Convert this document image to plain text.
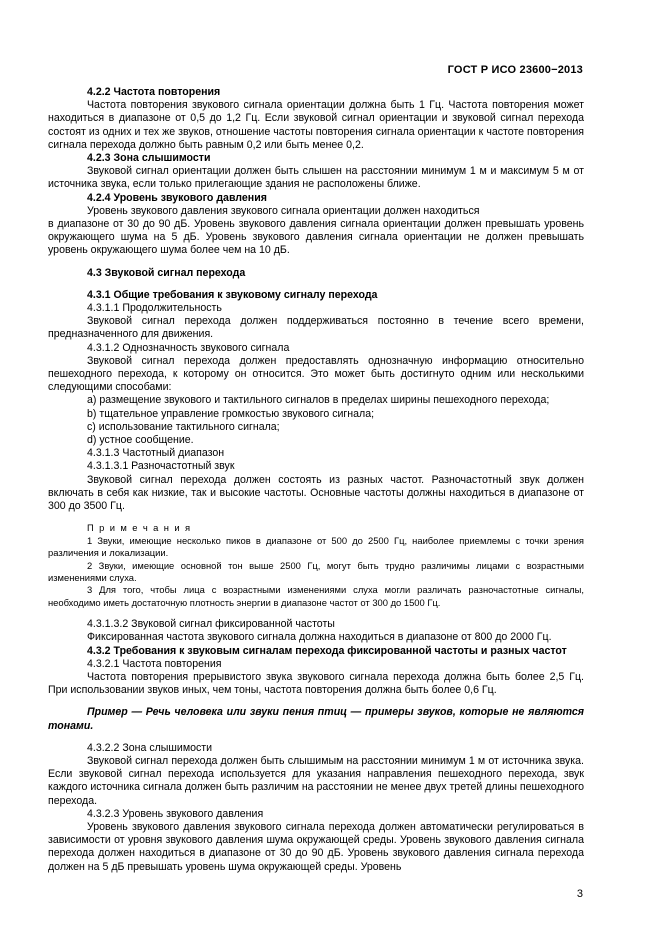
ГОСТ Р ИСО 23600−2013

4.2.2 Частота повторения

Частота повторения звукового сигнала ориентации должна быть 1 Гц. Частота повторения может находиться в диапазоне от 0,5 до 1,2 Гц. Если звуковой сигнал ориентации и звуковой сигнал перехода состоят из одних и тех же звуков, отношение частоты повторения сигнала ориентации к частоте повторения сигнала перехода должно быть равным 0,2 или быть менее 0,2.

4.2.3 Зона слышимости

Звуковой сигнал ориентации должен быть слышен на расстоянии минимум 1 м и максимум 5 м от источника звука, если только прилегающие здания не расположены ближе.

4.2.4 Уровень звукового давления

Уровень звукового давления звукового сигнала ориентации должен находиться

в диапазоне от 30 до 90 дБ. Уровень звукового давления сигнала ориентации должен превышать уровень окружающего шума на 5 дБ. Уровень звукового давления сигнала ориентации не должен превышать уровень окружающего шума более чем на 10 дБ.

4.3 Звуковой сигнал перехода

4.3.1 Общие требования к звуковому сигналу перехода

4.3.1.1 Продолжительность

Звуковой сигнал перехода должен поддерживаться постоянно в течение всего времени, предназначенного для движения.

4.3.1.2 Однозначность звукового сигнала

Звуковой сигнал перехода должен предоставлять однозначную информацию относительно пешеходного перехода, к которому он относится. Это может быть достигнуто одним или несколькими следующими способами:

a) размещение звукового и тактильного сигналов в пределах ширины пешеходного перехода;

b) тщательное управление громкостью звукового сигнала;

c) использование тактильного сигнала;

d) устное сообщение.

4.3.1.3 Частотный диапазон

4.3.1.3.1 Разночастотный звук

Звуковой сигнал перехода должен состоять из разных частот. Разночастотный звук должен включать в себя как низкие, так и высокие частоты. Основные частоты должны находиться в диапазоне от 300 до 3500 Гц.

П р и м е ч а н и я

1 Звуки, имеющие несколько пиков в диапазоне от 500 до 2500 Гц, наиболее приемлемы с точки зрения различения и локализации.

2 Звуки, имеющие основной тон выше 2500 Гц, могут быть трудно различимы лицами с возрастными изменениями слуха.

3 Для того, чтобы лица с возрастными изменениями слуха могли различать разночастотные сигналы, необходимо иметь достаточную плотность энергии в диапазоне частот от 300 до 1500 Гц.

4.3.1.3.2 Звуковой сигнал фиксированной частоты

Фиксированная частота звукового сигнала должна находиться в диапазоне от 800 до 2000 Гц.

4.3.2 Требования к звуковым сигналам перехода фиксированной частоты и разных частот

4.3.2.1 Частота повторения

Частота повторения прерывистого звука звукового сигнала перехода должна быть более 2,5 Гц. При использовании звуков иных, чем тоны, частота повторения должна быть более 0,6 Гц.

Пример — Речь человека или звуки пения птиц — примеры звуков, которые не являются тонами.

4.3.2.2 Зона слышимости

Звуковой сигнал перехода должен быть слышимым на расстоянии минимум 1 м от источника звука. Если звуковой сигнал перехода используется для указания направления пешеходного перехода, звук каждого источника сигнала должен быть различим на расстоянии не менее двух третей длины пешеходного перехода.

4.3.2.3 Уровень звукового давления

Уровень звукового давления звукового сигнала перехода должен автоматически регулироваться в зависимости от уровня звукового давления шума окружающей среды. Уровень звукового давления сигнала перехода должен находиться в диапазоне от 30 до 90 дБ. Уровень звукового давления сигнала перехода должен на 5 дБ превышать уровень шума окружающей среды. Уровень

3
